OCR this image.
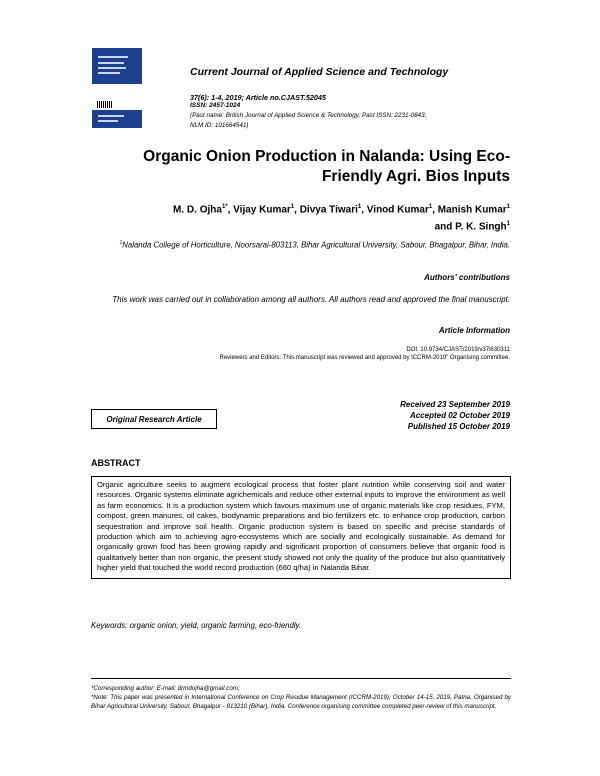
Current Journal of Applied Science and Technology
37(6): 1-4, 2019; Article no.CJAST.52045
ISSN: 2457-1024
(Past name: British Journal of Applied Science & Technology, Past ISSN: 2231-0843,
NLM ID: 101664541)
Organic Onion Production in Nalanda: Using Eco-Friendly Agri. Bios Inputs
M. D. Ojha$^{1*}$, Vijay Kumar$^1$, Divya Tiwari$^1$, Vinod Kumar$^1$, Manish Kumar$^1$
and P. K. Singh$^1$
$^1$Nalanda College of Horticulture, Noorsarai-803113, Bihar Agricultural University, Sabour, Bhagalpur, Bihar, India.
Authors' contributions
This work was carried out in collaboration among all authors. All authors read and approved the final manuscript.
Article Information
DOI: 10.9734/CJAST/2019/v37i630311
Reviewers and Editors: This manuscript was reviewed and approved by ICCRM-2019" Organising committee.
Original Research Article
Received 23 September 2019
Accepted 02 October 2019
Published 15 October 2019
ABSTRACT
Organic agriculture seeks to augment ecological process that foster plant nutrition while conserving soil and water resources. Organic systems eliminate agrichemicals and reduce other external inputs to improve the environment as well as farm economics. It is a production system which favours maximum use of organic materials like crop residues, FYM, compost, green manures, oil cakes, biodynamic preparations and bio fertilizers etc. to enhance crop production, carbon sequestration and improve soil health. Organic production system is based on specific and precise standards of production which aim to achieving agro-ecosystems which are socially and ecologically sustainable. As demand for organically grown food has been growing rapidly and significant proportion of consumers believe that organic food is qualitatively better than non organic, the present study showed not only the quality of the produce but also quantitatively higher yield that touched the world record production (660 q/ha) in Nalanda Bihar.
Keywords: organic onion, yield, organic farming, eco-friendly.
*Corresponding author: E-mail: drmdojha@gmail.com;
*Note: This paper was presented in International Conference on Crop Residue Management (ICCRM-2019), October 14-15, 2019, Patna, Organised by Bihar Agricultural University, Sabour, Bhagalpur - 813210 (Bihar), India. Conference organising committee completed peer-review of this manuscript.
